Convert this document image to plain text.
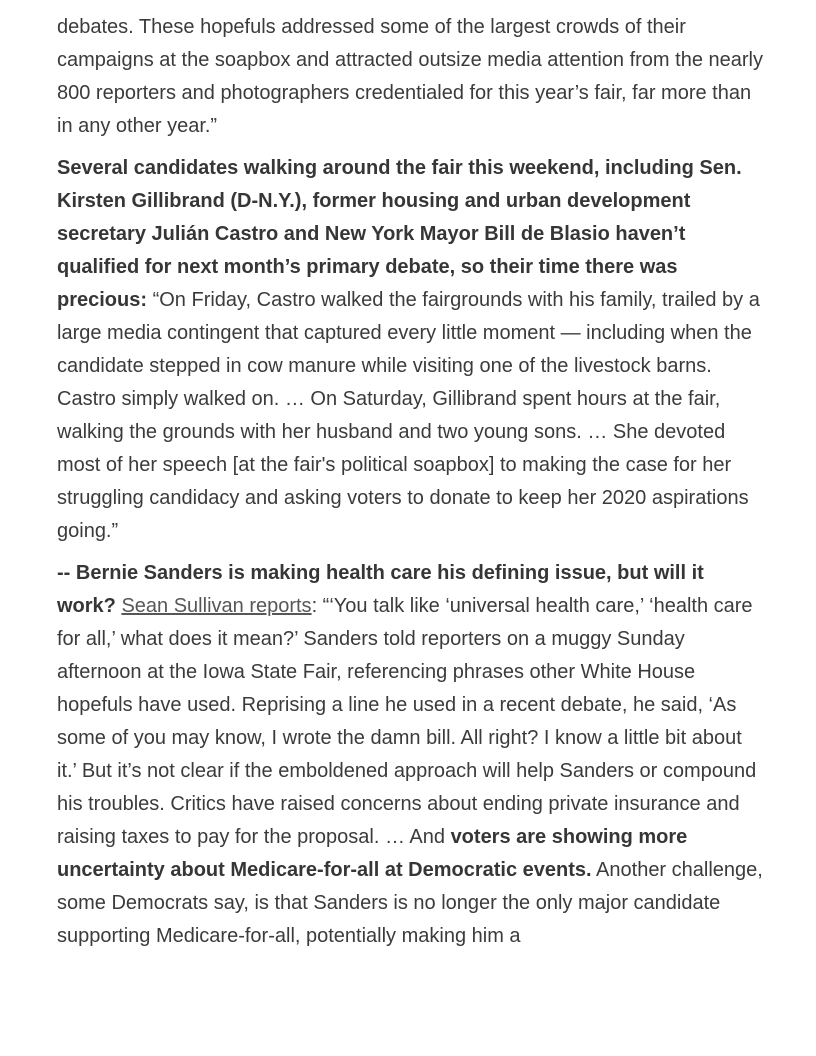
debates. These hopefuls addressed some of the largest crowds of their campaigns at the soapbox and attracted outsize media attention from the nearly 800 reporters and photographers credentialed for this year’s fair, far more than in any other year.”

Several candidates walking around the fair this weekend, including Sen. Kirsten Gillibrand (D-N.Y.), former housing and urban development secretary Julián Castro and New York Mayor Bill de Blasio haven’t qualified for next month’s primary debate, so their time there was precious: “On Friday, Castro walked the fairgrounds with his family, trailed by a large media contingent that captured every little moment — including when the candidate stepped in cow manure while visiting one of the livestock barns. Castro simply walked on. … On Saturday, Gillibrand spent hours at the fair, walking the grounds with her husband and two young sons. … She devoted most of her speech [at the fair's political soapbox] to making the case for her struggling candidacy and asking voters to donate to keep her 2020 aspirations going.”

-- Bernie Sanders is making health care his defining issue, but will it work? Sean Sullivan reports: “‘You talk like ‘universal health care,’ ‘health care for all,’ what does it mean?’ Sanders told reporters on a muggy Sunday afternoon at the Iowa State Fair, referencing phrases other White House hopefuls have used. Reprising a line he used in a recent debate, he said, ‘As some of you may know, I wrote the damn bill. All right? I know a little bit about it.’ But it’s not clear if the emboldened approach will help Sanders or compound his troubles. Critics have raised concerns about ending private insurance and raising taxes to pay for the proposal. … And voters are showing more uncertainty about Medicare-for-all at Democratic events. Another challenge, some Democrats say, is that Sanders is no longer the only major candidate supporting Medicare-for-all, potentially making him a
